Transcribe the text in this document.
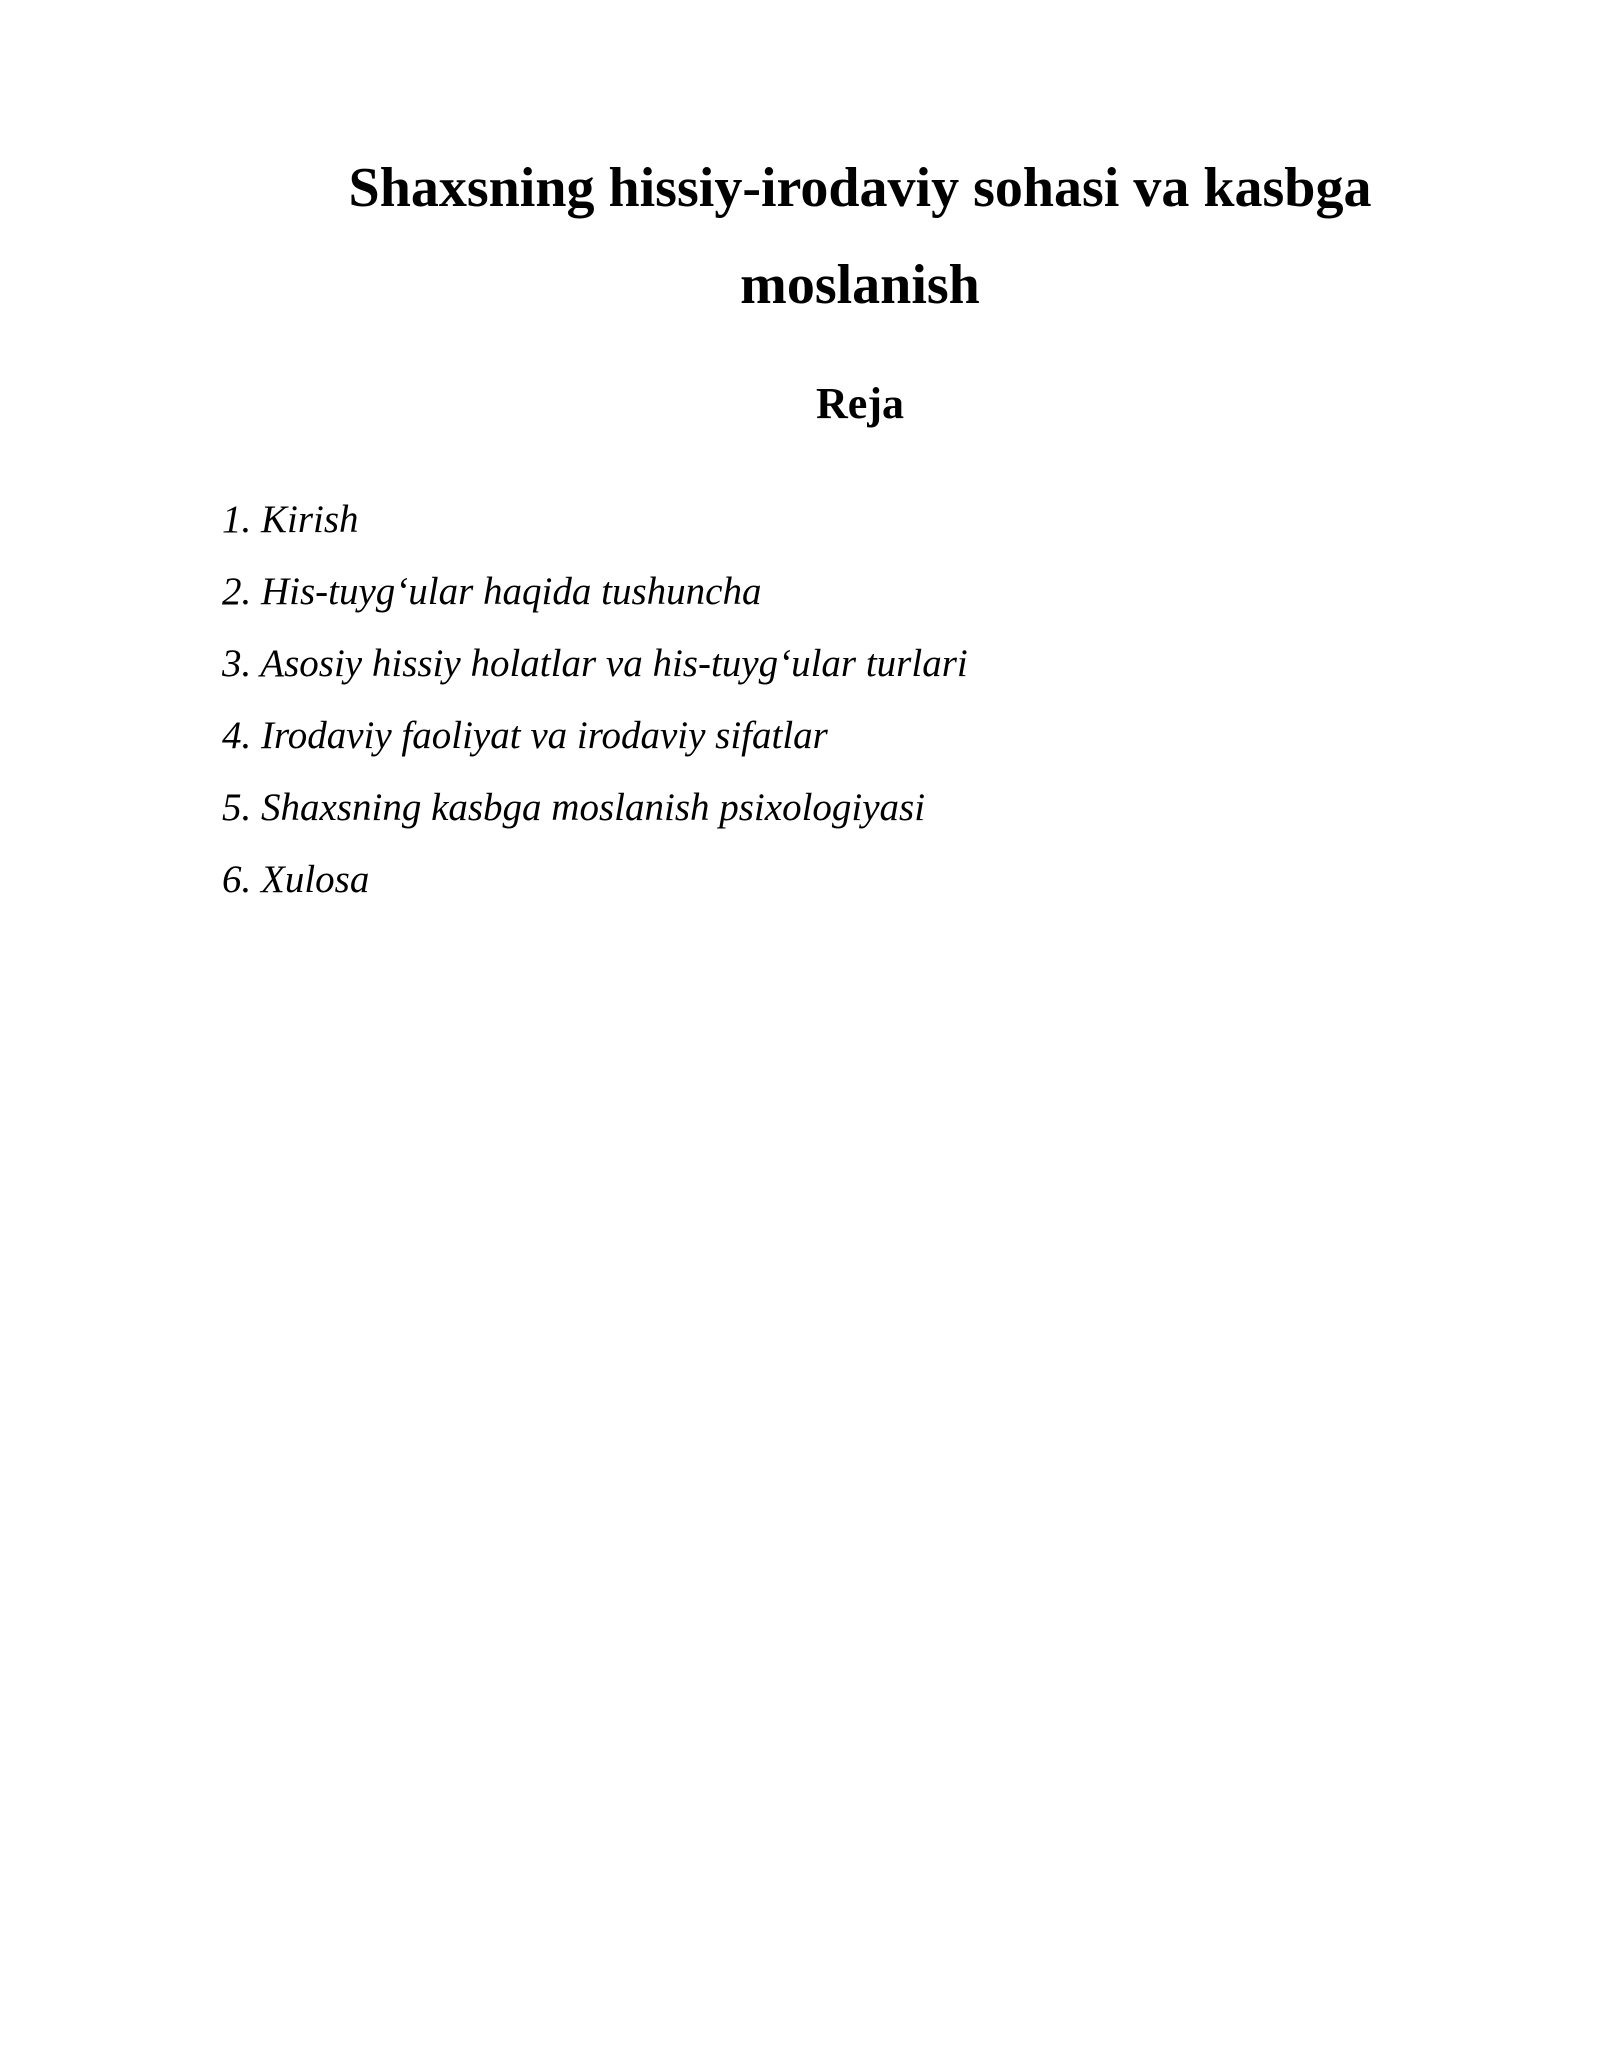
Shaxsning hissiy-irodaviy sohasi va kasbga
moslanish
Reja
1. Kirish
2. His-tuyg‘ular haqida tushuncha
3. Asosiy hissiy holatlar va his-tuyg‘ular turlari
4. Irodaviy faoliyat va irodaviy sifatlar
5. Shaxsning kasbga moslanish psixologiyasi
6. Xulosa
